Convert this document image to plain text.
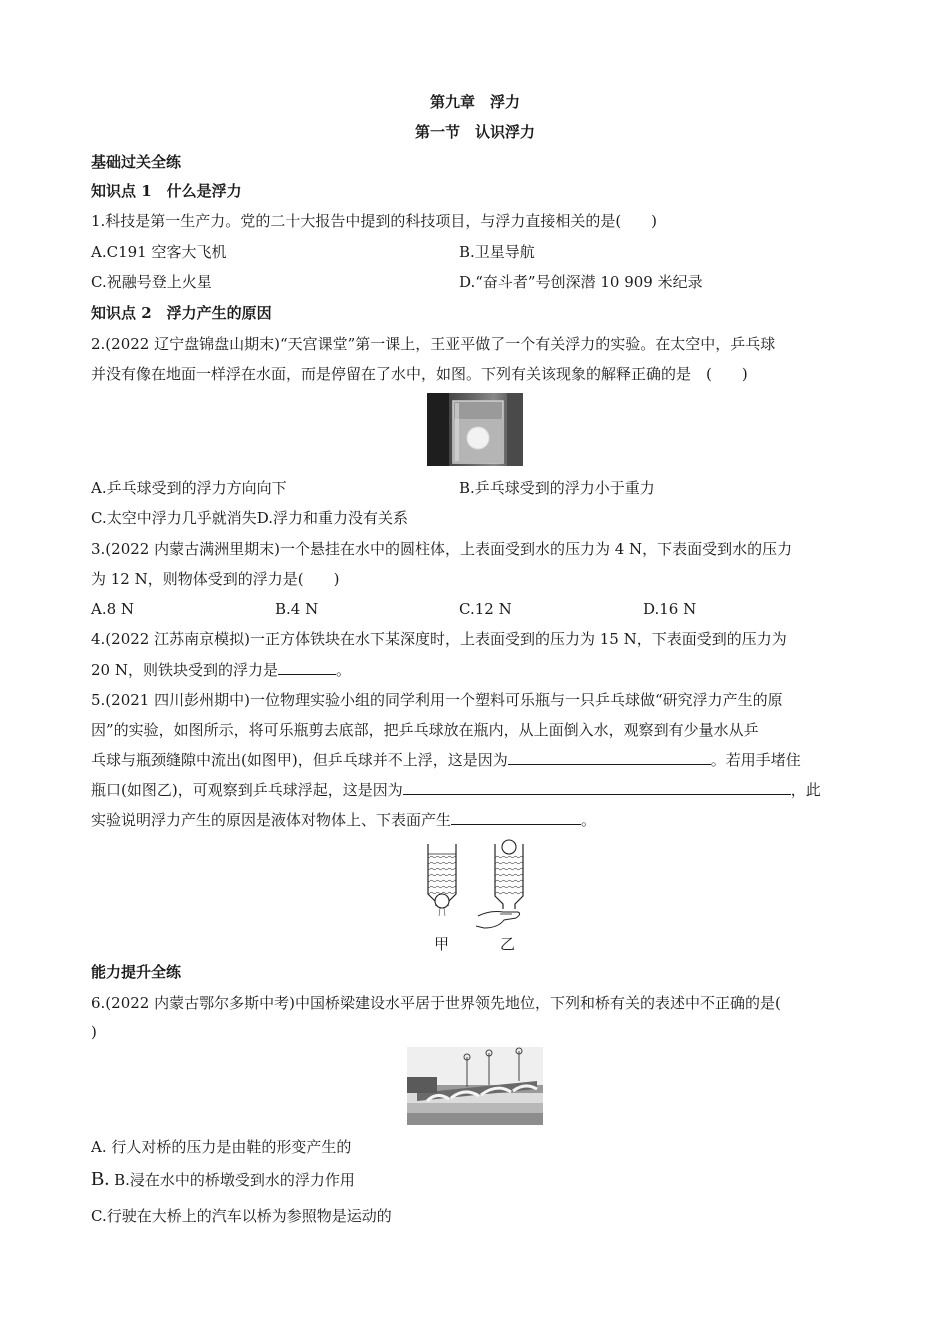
第九章　浮力
第一节　认识浮力
基础过关全练
知识点 1　什么是浮力
1.科技是第一生产力。党的二十大报告中提到的科技项目，与浮力直接相关的是(　　)
A.C191 空客大飞机	B.卫星导航
C.祝融号登上火星	D.“奋斗者”号创深潜 10 909 米纪录
知识点 2　浮力产生的原因
2.(2022 辽宁盘锦盘山期末)“天宫课堂”第一课上，王亚平做了一个有关浮力的实验。在太空中，乒乓球
并没有像在地面一样浮在水面，而是停留在了水中，如图。下列有关该现象的解释正确的是　(　　)
A.乒乓球受到的浮力方向向下	B.乒乓球受到的浮力小于重力
C.太空中浮力几乎就消失D.浮力和重力没有关系
3.(2022 内蒙古满洲里期末)一个悬挂在水中的圆柱体，上表面受到水的压力为 4 N，下表面受到水的压力
为 12 N，则物体受到的浮力是(　　)
A.8 N	B.4 N	C.12 N	D.16 N
4.(2022 江苏南京模拟)一正方体铁块在水下某深度时，上表面受到的压力为 15 N，下表面受到的压力为
20 N，则铁块受到的浮力是	。
5.(2021 四川彭州期中)一位物理实验小组的同学利用一个塑料可乐瓶与一只乒乓球做“研究浮力产生的原
因”的实验，如图所示，将可乐瓶剪去底部，把乒乓球放在瓶内，从上面倒入水，观察到有少量水从乒
乓球与瓶颈缝隙中流出(如图甲)，但乒乓球并不上浮，这是因为	。若用手堵住
瓶口(如图乙)，可观察到乒乓球浮起，这是因为	，此
实验说明浮力产生的原因是液体对物体上、下表面产生	。
甲	乙
能力提升全练
6.(2022 内蒙古鄂尔多斯中考)中国桥梁建设水平居于世界领先地位，下列和桥有关的表述中不正确的是(
)
A. 行人对桥的压力是由鞋的形变产生的
B. B.浸在水中的桥墩受到水的浮力作用
C.行驶在大桥上的汽车以桥为参照物是运动的
